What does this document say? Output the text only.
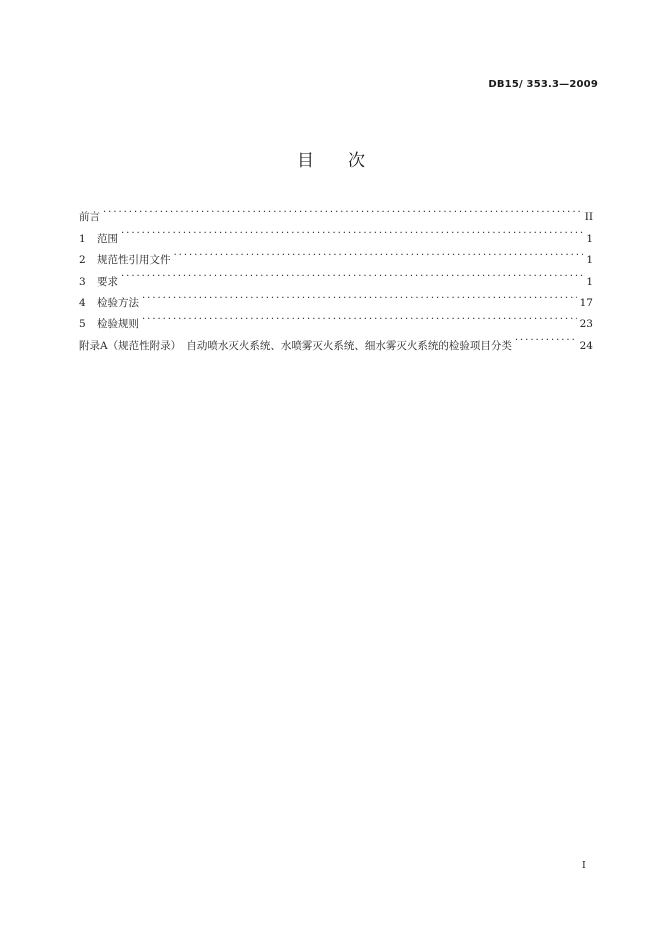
DB15/ 353.3—2009
目次
前言 . . .	II
1	范围 . . .	1
2	规范性引用文件 . . .	1
3	要求 . . .	1
4	检验方法 . . .	17
5	检验规则 . . .	23
附录A（规范性附录）　自动喷水灭火系统、水喷雾灭火系统、细水雾灭火系统的检验项目分类 . . .	24
I
